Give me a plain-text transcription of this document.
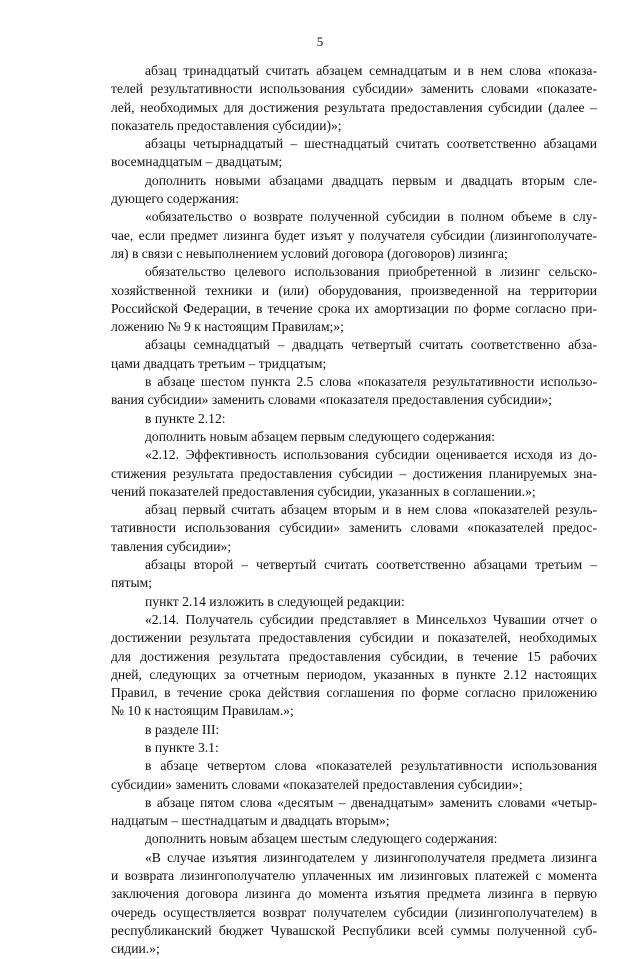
5
абзац тринадцатый считать абзацем семнадцатым и в нем слова «показа-
телей результативности использования субсидии» заменить словами «показате-
лей, необходимых для достижения результата предоставления субсидии (далее –
показатель предоставления субсидии)»;
абзацы четырнадцатый – шестнадцатый считать соответственно абзацами
восемнадцатым – двадцатым;
дополнить новыми абзацами двадцать первым и двадцать вторым сле-
дующего содержания:
«обязательство о возврате полученной субсидии в полном объеме в слу-
чае, если предмет лизинга будет изъят у получателя субсидии (лизингополучате-
ля) в связи с невыполнением условий договора (договоров) лизинга;
обязательство целевого использования приобретенной в лизинг сельско-
хозяйственной техники и (или) оборудования, произведенной на территории
Российской Федерации, в течение срока их амортизации по форме согласно при-
ложению № 9 к настоящим Правилам;»;
абзацы семнадцатый – двадцать четвертый считать соответственно абза-
цами двадцать третьим – тридцатым;
в абзаце шестом пункта 2.5 слова «показателя результативности использо-
вания субсидии» заменить словами «показателя предоставления субсидии»;
в пункте 2.12:
дополнить новым абзацем первым следующего содержания:
«2.12. Эффективность использования субсидии оценивается исходя из до-
стижения результата предоставления субсидии – достижения планируемых зна-
чений показателей предоставления субсидии, указанных в соглашении.»;
абзац первый считать абзацем вторым и в нем слова «показателей резуль-
тативности использования субсидии» заменить словами «показателей предос-
тавления субсидии»;
абзацы второй – четвертый считать соответственно абзацами третьим –
пятым;
пункт 2.14 изложить в следующей редакции:
«2.14. Получатель субсидии представляет в Минсельхоз Чувашии отчет о
достижении результата предоставления субсидии и показателей, необходимых
для достижения результата предоставления субсидии, в течение 15 рабочих
дней, следующих за отчетным периодом, указанных в пункте 2.12 настоящих
Правил, в течение срока действия соглашения по форме согласно приложению
№ 10 к настоящим Правилам.»;
в разделе III:
в пункте 3.1:
в абзаце четвертом слова «показателей результативности использования
субсидии» заменить словами «показателей предоставления субсидии»;
в абзаце пятом слова «десятым – двенадцатым» заменить словами «четыр-
надцатым – шестнадцатым и двадцать вторым»;
дополнить новым абзацем шестым следующего содержания:
«В случае изъятия лизингодателем у лизингополучателя предмета лизинга
и возврата лизингополучателю уплаченных им лизинговых платежей с момента
заключения договора лизинга до момента изъятия предмета лизинга в первую
очередь осуществляется возврат получателем субсидии (лизингополучателем) в
республиканский бюджет Чувашской Республики всей суммы полученной суб-
сидии.»;
